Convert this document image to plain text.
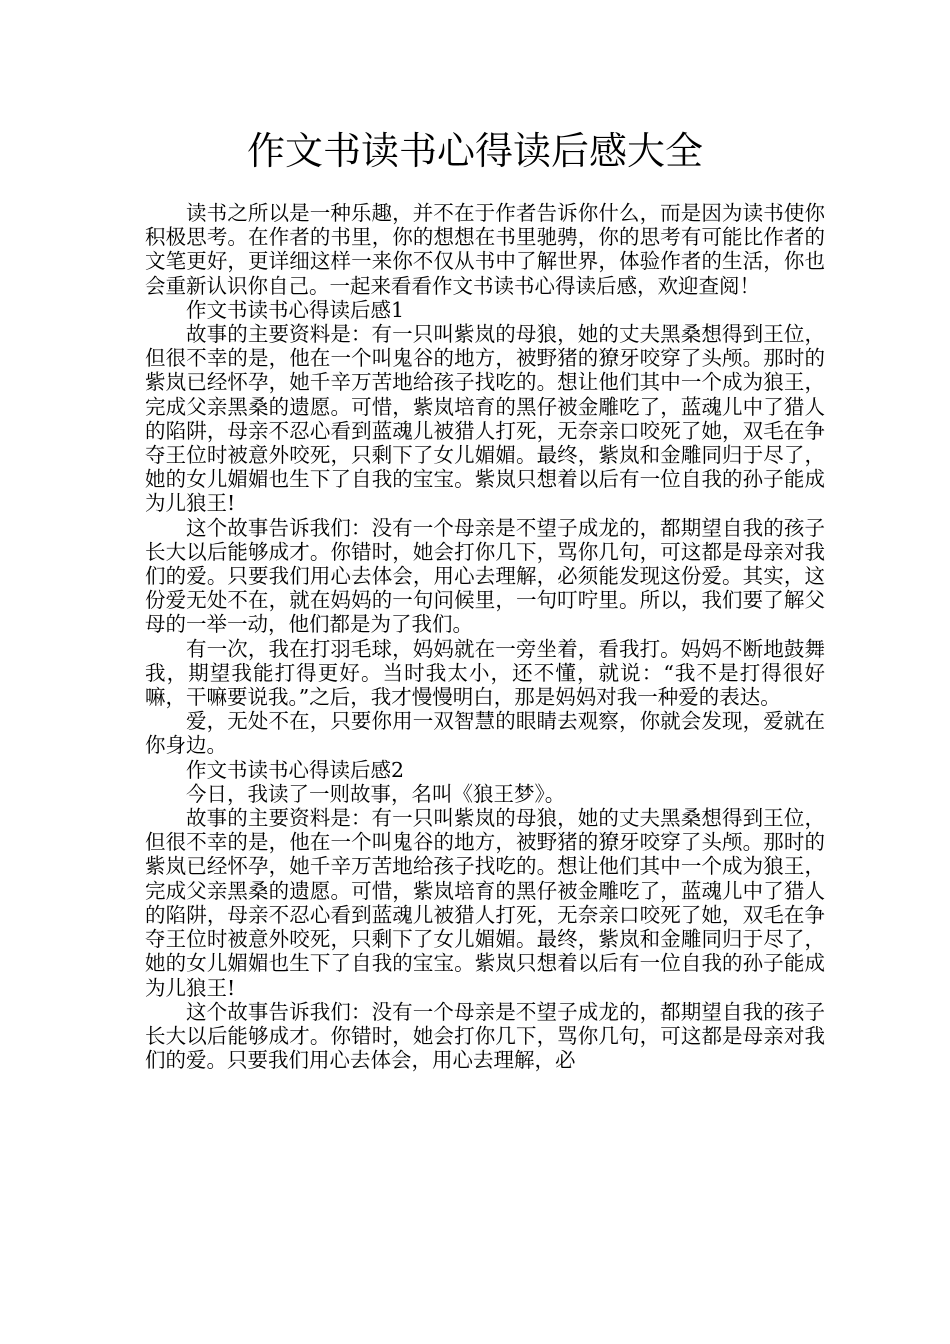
作文书读书心得读后感大全

读书之所以是一种乐趣，并不在于作者告诉你什么，而是因为读书使你积极思考。在作者的书里，你的想想在书里驰骋，你的思考有可能比作者的文笔更好，更详细这样一来你不仅从书中了解世界，体验作者的生活，你也会重新认识你自己。一起来看看作文书读书心得读后感，欢迎查阅！

作文书读书心得读后感1

故事的主要资料是：有一只叫紫岚的母狼，她的丈夫黑桑想得到王位，但很不幸的是，他在一个叫鬼谷的地方，被野猪的獠牙咬穿了头颅。那时的紫岚已经怀孕，她千辛万苦地给孩子找吃的。想让他们其中一个成为狼王，完成父亲黑桑的遗愿。可惜，紫岚培育的黑仔被金雕吃了，蓝魂儿中了猎人的陷阱，母亲不忍心看到蓝魂儿被猎人打死，无奈亲口咬死了她，双毛在争夺王位时被意外咬死，只剩下了女儿媚媚。最终，紫岚和金雕同归于尽了，她的女儿媚媚也生下了自我的宝宝。紫岚只想着以后有一位自我的孙子能成为儿狼王!

这个故事告诉我们：没有一个母亲是不望子成龙的，都期望自我的孩子长大以后能够成才。你错时，她会打你几下，骂你几句，可这都是母亲对我们的爱。只要我们用心去体会，用心去理解，必须能发现这份爱。其实，这份爱无处不在，就在妈妈的一句问候里，一句叮咛里。所以，我们要了解父母的一举一动，他们都是为了我们。

有一次，我在打羽毛球，妈妈就在一旁坐着，看我打。妈妈不断地鼓舞我，期望我能打得更好。当时我太小，还不懂，就说：“我不是打得很好嘛，干嘛要说我。”之后，我才慢慢明白，那是妈妈对我一种爱的表达。

爱，无处不在，只要你用一双智慧的眼睛去观察，你就会发现，爱就在你身边。

作文书读书心得读后感2

今日，我读了一则故事，名叫《狼王梦》。

故事的主要资料是：有一只叫紫岚的母狼，她的丈夫黑桑想得到王位，但很不幸的是，他在一个叫鬼谷的地方，被野猪的獠牙咬穿了头颅。那时的紫岚已经怀孕，她千辛万苦地给孩子找吃的。想让他们其中一个成为狼王，完成父亲黑桑的遗愿。可惜，紫岚培育的黑仔被金雕吃了，蓝魂儿中了猎人的陷阱，母亲不忍心看到蓝魂儿被猎人打死，无奈亲口咬死了她，双毛在争夺王位时被意外咬死，只剩下了女儿媚媚。最终，紫岚和金雕同归于尽了，她的女儿媚媚也生下了自我的宝宝。紫岚只想着以后有一位自我的孙子能成为儿狼王!

这个故事告诉我们：没有一个母亲是不望子成龙的，都期望自我的孩子长大以后能够成才。你错时，她会打你几下，骂你几句，可这都是母亲对我们的爱。只要我们用心去体会，用心去理解，必
